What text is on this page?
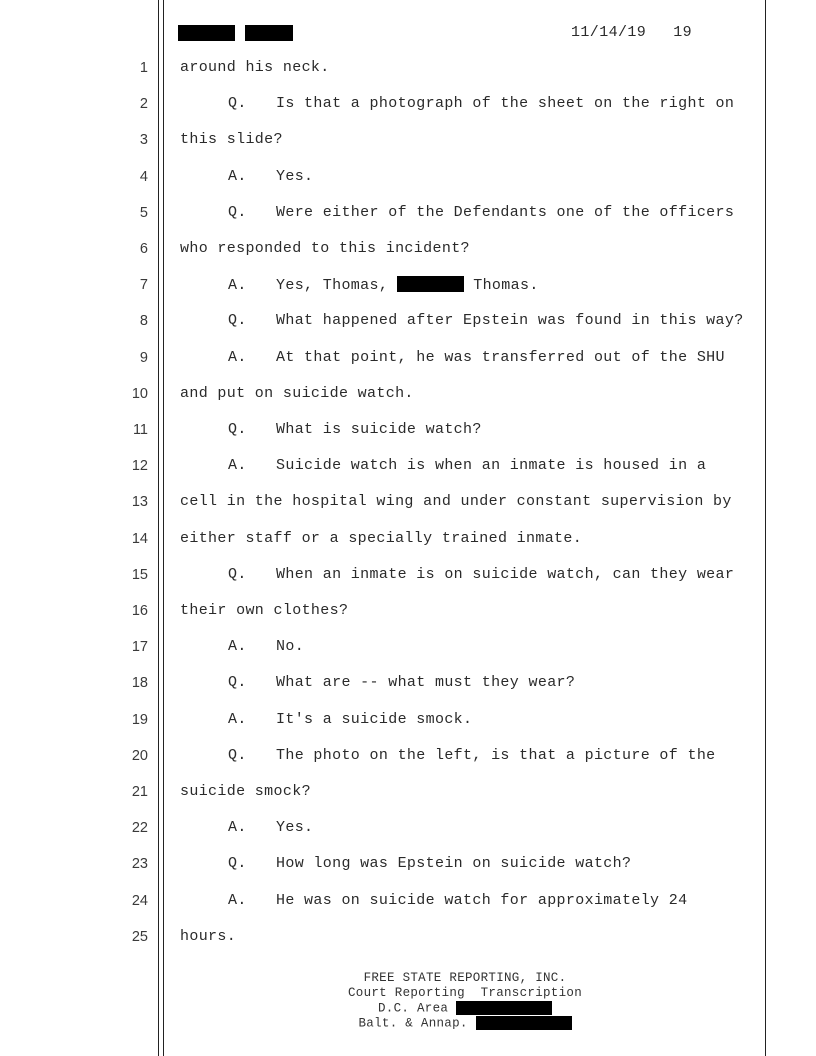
11/14/19 19
1 around his neck.
2	Q. Is that a photograph of the sheet on the right on
3 this slide?
4	A. Yes.
5	Q. Were either of the Defendants one of the officers
6 who responded to this incident?
7	A. Yes, Thomas,	Thomas.
8	Q. What happened after Epstein was found in this way?
9	A. At that point, he was transferred out of the SHU
10 and put on suicide watch.
11	Q. What is suicide watch?
12	A. Suicide watch is when an inmate is housed in a
13 cell in the hospital wing and under constant supervision by
14 either staff or a specially trained inmate.
15	Q. When an inmate is on suicide watch, can they wear
16 their own clothes?
17	A. No.
18	Q. What are -- what must they wear?
19	A. It's a suicide smock.
20	Q. The photo on the left, is that a picture of the
21 suicide smock?
22	A. Yes.
23	Q. How long was Epstein on suicide watch?
24	A. He was on suicide watch for approximately 24
25 hours.
FREE STATE REPORTING, INC.
Court Reporting  Transcription
D.C. Area
Balt. & Annap.
